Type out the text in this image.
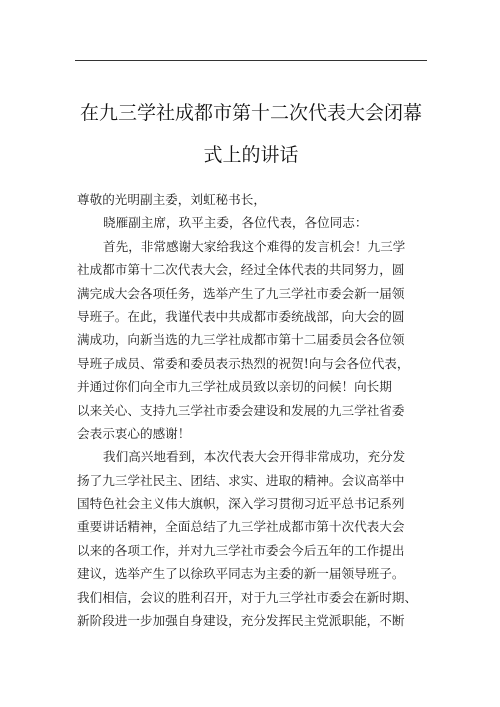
在九三学社成都市第十二次代表大会闭幕
式上的讲话
尊敬的光明副主委，刘虹秘书长，
晓雁副主席，玖平主委，各位代表，各位同志：
首先，非常感谢大家给我这个难得的发言机会！九三学
社成都市第十二次代表大会，经过全体代表的共同努力，圆
满完成大会各项任务，选举产生了九三学社市委会新一届领
导班子。在此，我谨代表中共成都市委统战部，向大会的圆
满成功，向新当选的九三学社成都市第十二届委员会各位领
导班子成员、常委和委员表示热烈的祝贺!向与会各位代表，
并通过你们向全市九三学社成员致以亲切的问候！向长期
以来关心、支持九三学社市委会建设和发展的九三学社省委
会表示衷心的感谢！
我们高兴地看到，本次代表大会开得非常成功，充分发
扬了九三学社民主、团结、求实、进取的精神。会议高举中
国特色社会主义伟大旗帜，深入学习贯彻习近平总书记系列
重要讲话精神，全面总结了九三学社成都市第十次代表大会
以来的各项工作，并对九三学社市委会今后五年的工作提出
建议，选举产生了以徐玖平同志为主委的新一届领导班子。
我们相信，会议的胜利召开，对于九三学社市委会在新时期、
新阶段进一步加强自身建设，充分发挥民主党派职能，不断
